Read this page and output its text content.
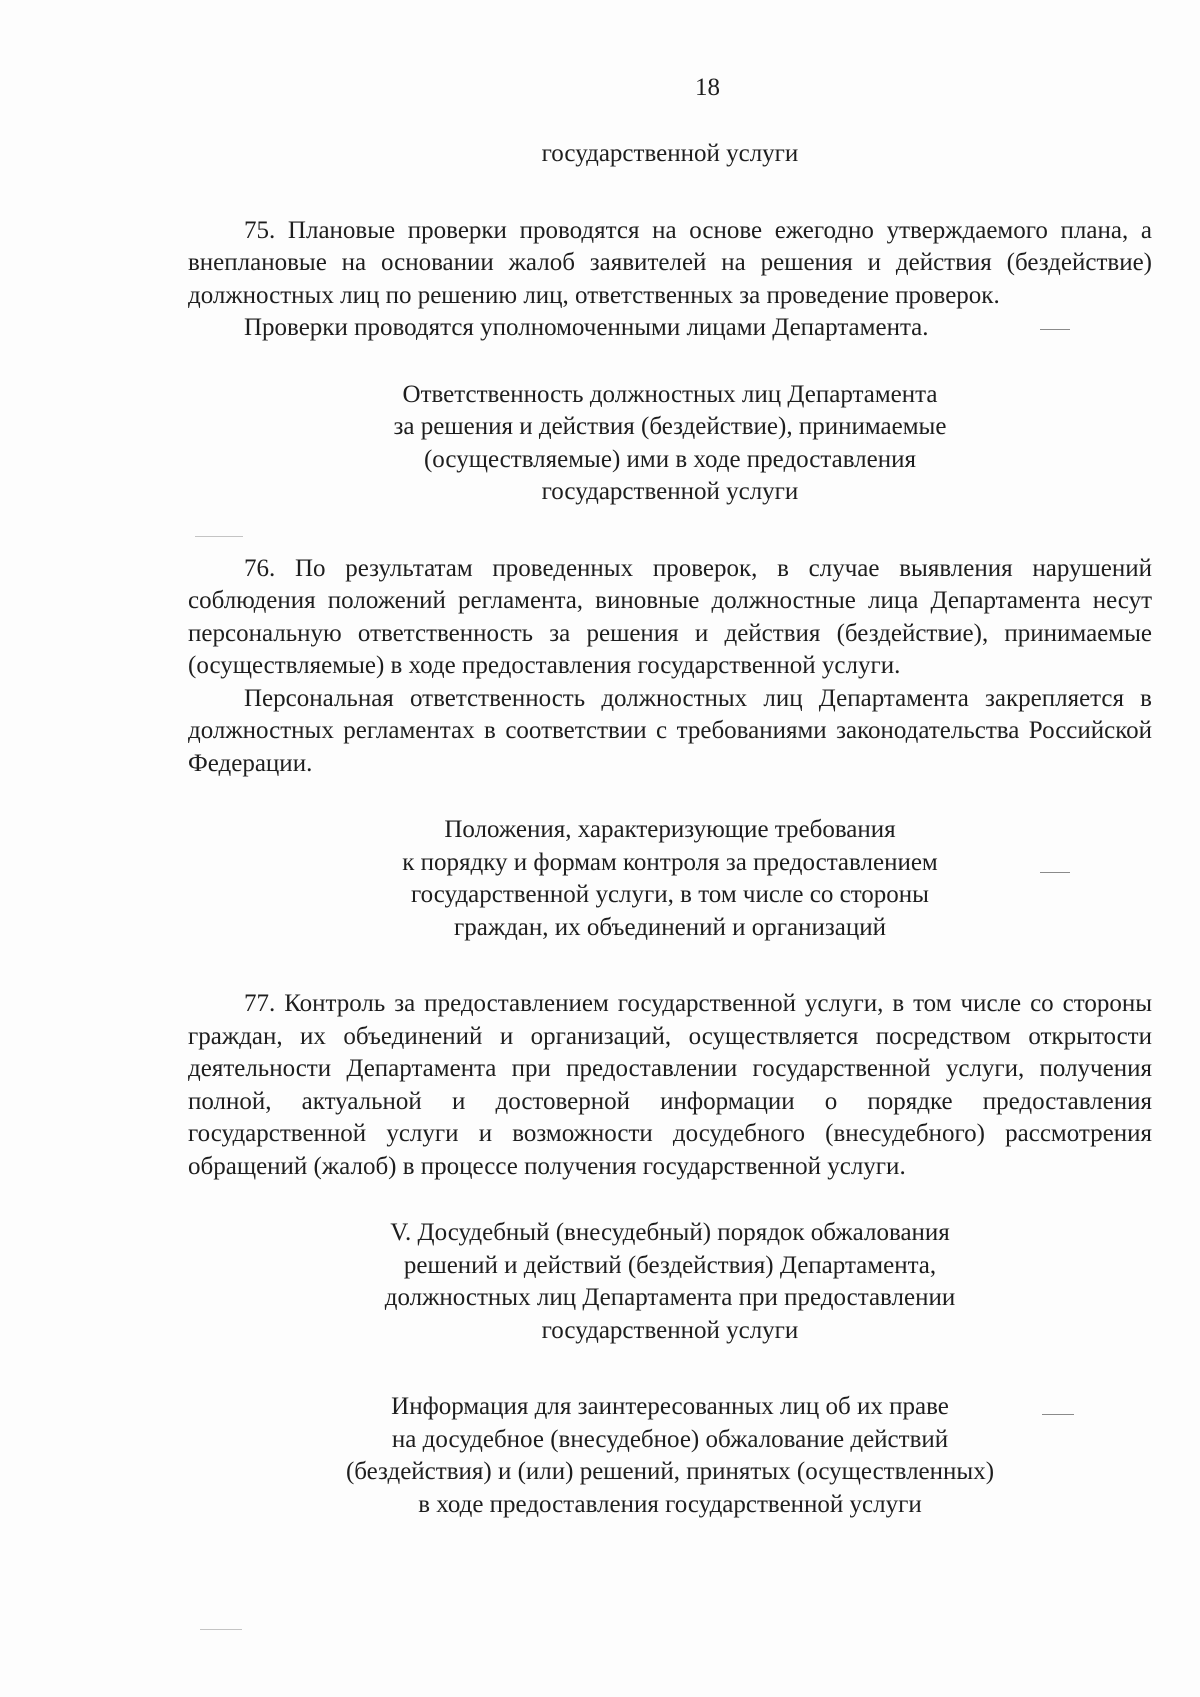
18
государственной услуги

75. Плановые проверки проводятся на основе ежегодно утверждаемого плана, а внеплановые на основании жалоб заявителей на решения и действия (бездействие) должностных лиц по решению лиц, ответственных за проведение проверок.

Проверки проводятся уполномоченными лицами Департамента.

Ответственность должностных лиц Департамента
за решения и действия (бездействие), принимаемые
(осуществляемые) ими в ходе предоставления
государственной услуги

76. По результатам проведенных проверок, в случае выявления нарушений соблюдения положений регламента, виновные должностные лица Департамента несут персональную ответственность за решения и действия (бездействие), принимаемые (осуществляемые) в ходе предоставления государственной услуги.

Персональная ответственность должностных лиц Департамента закрепляется в должностных регламентах в соответствии с требованиями законодательства Российской Федерации.

Положения, характеризующие требования
к порядку и формам контроля за предоставлением
государственной услуги, в том числе со стороны
граждан, их объединений и организаций

77. Контроль за предоставлением государственной услуги, в том числе со стороны граждан, их объединений и организаций, осуществляется посредством открытости деятельности Департамента при предоставлении государственной услуги, получения полной, актуальной и достоверной информации о порядке предоставления государственной услуги и возможности досудебного (внесудебного) рассмотрения обращений (жалоб) в процессе получения государственной услуги.

V. Досудебный (внесудебный) порядок обжалования
решений и действий (бездействия) Департамента,
должностных лиц Департамента при предоставлении
государственной услуги
Информация для заинтересованных лиц об их праве
на досудебное (внесудебное) обжалование действий
(бездействия) и (или) решений, принятых (осуществленных)
в ходе предоставления государственной услуги
